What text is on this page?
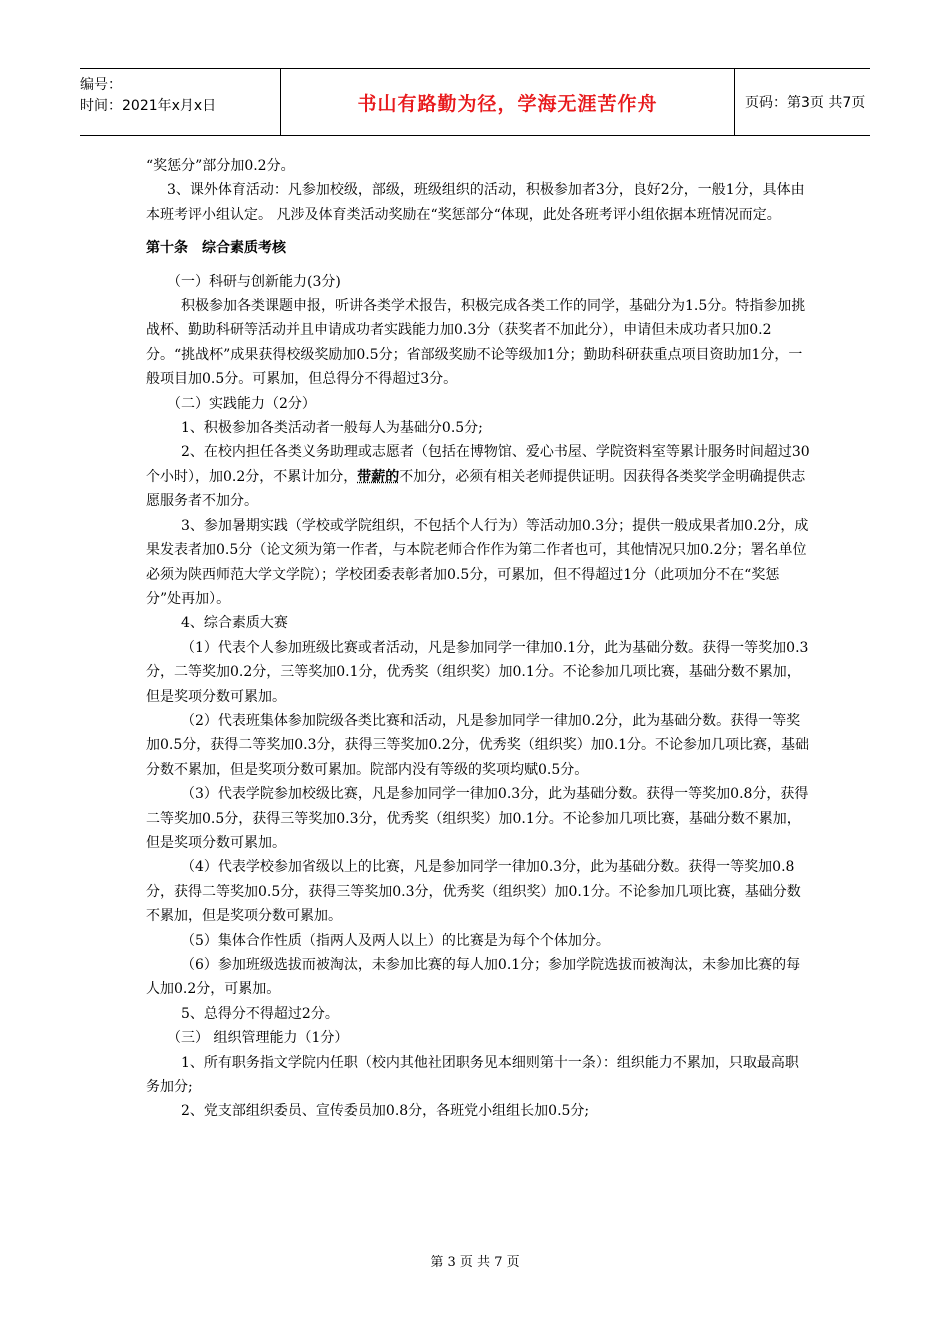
编号：
时间：2021年x月x日	书山有路勤为径，学海无涯苦作舟	页码：第3页 共7页

“奖惩分”部分加0.2分。

3、课外体育活动：凡参加校级，部级，班级组织的活动，积极参加者3分，良好2分，一般1分，具体由本班考评小组认定。 凡涉及体育类活动奖励在“奖惩部分“体现，此处各班考评小组依据本班情况而定。

第十条　综合素质考核

（一）科研与创新能力(3分)

积极参加各类课题申报，听讲各类学术报告，积极完成各类工作的同学，基础分为1.5分。特指参加挑战杯、勤助科研等活动并且申请成功者实践能力加0.3分（获奖者不加此分），申请但未成功者只加0.2分。“挑战杯”成果获得校级奖励加0.5分；省部级奖励不论等级加1分；勤助科研获重点项目资助加1分，一般项目加0.5分。可累加，但总得分不得超过3分。

（二）实践能力（2分）

1、积极参加各类活动者一般每人为基础分0.5分;

2、在校内担任各类义务助理或志愿者（包括在博物馆、爱心书屋、学院资料室等累计服务时间超过30个小时），加0.2分，不累计加分，带薪的不加分，必须有相关老师提供证明。因获得各类奖学金明确提供志愿服务者不加分。

3、参加暑期实践（学校或学院组织，不包括个人行为）等活动加0.3分；提供一般成果者加0.2分，成果发表者加0.5分（论文须为第一作者，与本院老师合作作为第二作者也可，其他情况只加0.2分；署名单位必须为陕西师范大学文学院）；学校团委表彰者加0.5分，可累加，但不得超过1分（此项加分不在“奖惩分”处再加）。

4、综合素质大赛

（1）代表个人参加班级比赛或者活动，凡是参加同学一律加0.1分，此为基础分数。获得一等奖加0.3分，二等奖加0.2分，三等奖加0.1分，优秀奖（组织奖）加0.1分。不论参加几项比赛，基础分数不累加，但是奖项分数可累加。

（2）代表班集体参加院级各类比赛和活动，凡是参加同学一律加0.2分，此为基础分数。获得一等奖加0.5分，获得二等奖加0.3分，获得三等奖加0.2分，优秀奖（组织奖）加0.1分。不论参加几项比赛，基础分数不累加，但是奖项分数可累加。院部内没有等级的奖项均赋0.5分。

（3）代表学院参加校级比赛，凡是参加同学一律加0.3分，此为基础分数。获得一等奖加0.8分，获得二等奖加0.5分，获得三等奖加0.3分，优秀奖（组织奖）加0.1分。不论参加几项比赛，基础分数不累加，但是奖项分数可累加。

（4）代表学校参加省级以上的比赛，凡是参加同学一律加0.3分，此为基础分数。获得一等奖加0.8分，获得二等奖加0.5分，获得三等奖加0.3分，优秀奖（组织奖）加0.1分。不论参加几项比赛，基础分数不累加，但是奖项分数可累加。

（5）集体合作性质（指两人及两人以上）的比赛是为每个个体加分。

（6）参加班级选拔而被淘汰，未参加比赛的每人加0.1分；参加学院选拔而被淘汰，未参加比赛的每人加0.2分，可累加。

5、总得分不得超过2分。

（三） 组织管理能力（1分）

1、所有职务指文学院内任职（校内其他社团职务见本细则第十一条）：组织能力不累加，只取最高职务加分;

2、党支部组织委员、宣传委员加0.8分，各班党小组组长加0.5分;

第 3 页 共 7 页
